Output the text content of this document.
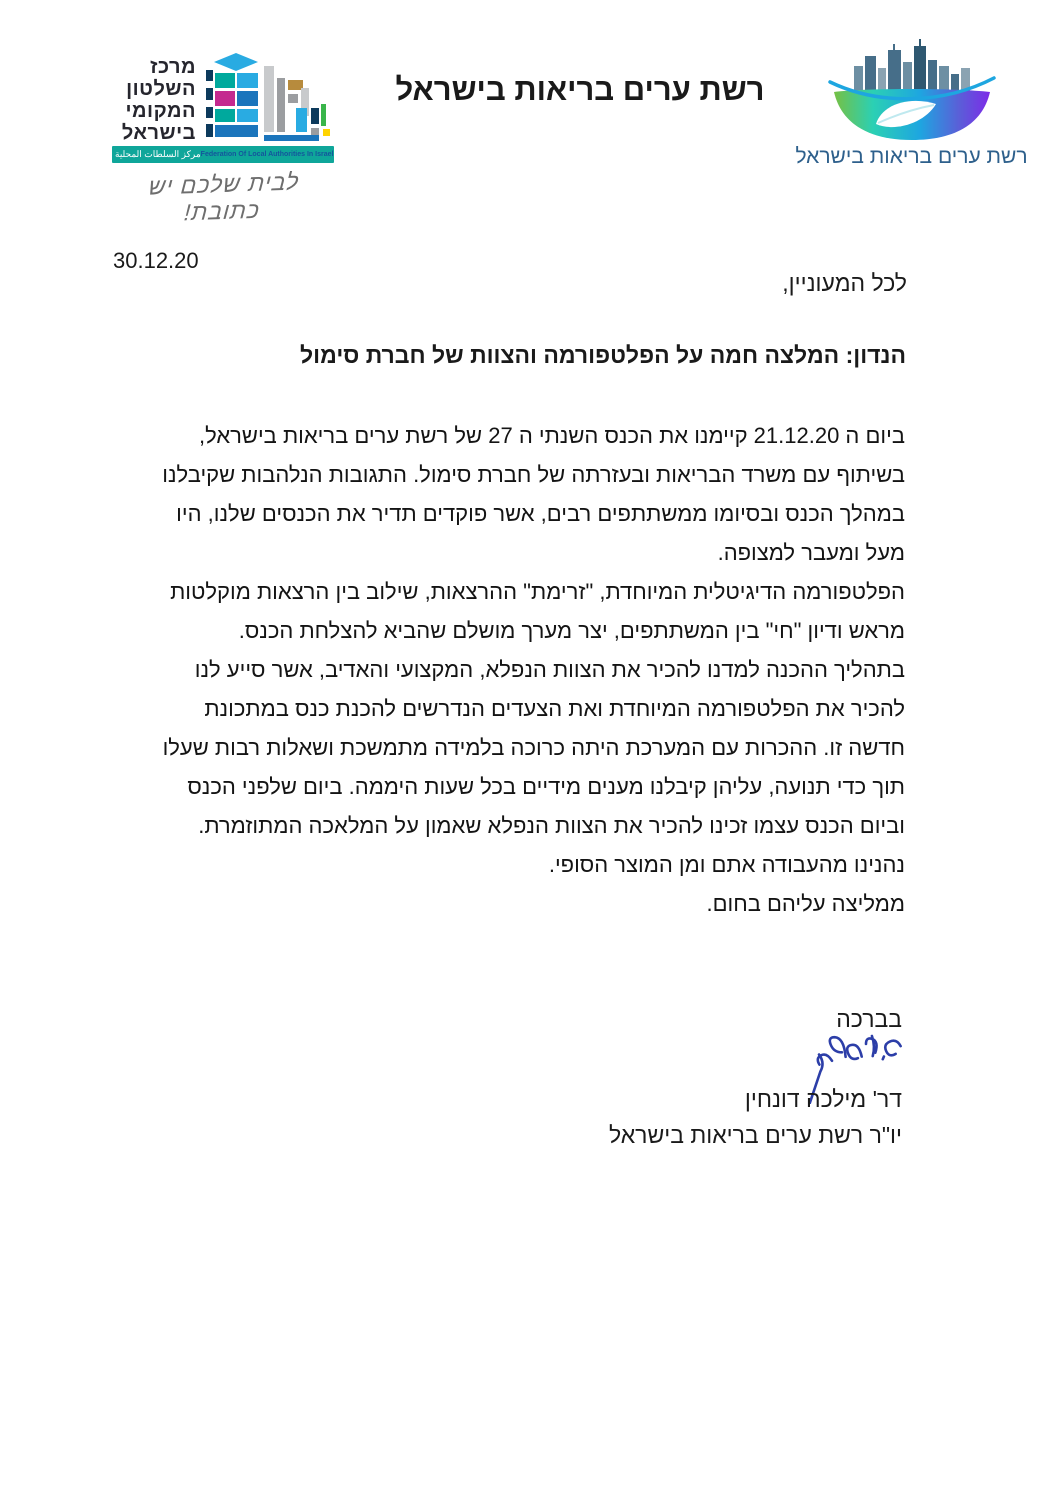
רשת ערים בריאות בישראל
מרכז
השלטון
המקומי
בישראל
مركز السلطات المحلية Federation Of Local Authorities In Israel
לבית שלכם יש כתובת!
רשת ערים בריאות בישראל
30.12.20
לכל המעוניין,
הנדון: המלצה חמה על הפלטפורמה והצוות של חברת סימול
ביום ה 21.12.20 קיימנו את הכנס השנתי ה 27 של רשת ערים בריאות בישראל,
בשיתוף עם משרד הבריאות ובעזרתה של חברת סימול. התגובות הנלהבות שקיבלנו
במהלך הכנס ובסיומו ממשתתפים רבים, אשר פוקדים תדיר את הכנסים שלנו, היו
מעל ומעבר למצופה.
הפלטפורמה הדיגיטלית המיוחדת, "זרימת" ההרצאות, שילוב בין הרצאות מוקלטות
מראש ודיון "חי" בין המשתתפים, יצר מערך מושלם שהביא להצלחת הכנס.
בתהליך ההכנה למדנו להכיר את הצוות הנפלא, המקצועי והאדיב, אשר סייע לנו
להכיר את הפלטפורמה המיוחדת ואת הצעדים הנדרשים להכנת כנס במתכונת
חדשה זו. ההכרות עם המערכת היתה כרוכה בלמידה מתמשכת ושאלות רבות שעלו
תוך כדי תנועה, עליהן קיבלנו מענים מידיים בכל שעות היממה. ביום שלפני הכנס
וביום הכנס עצמו זכינו להכיר את הצוות הנפלא שאמון על המלאכה המתוזמרת.
נהנינו מהעבודה אתם ומן המוצר הסופי.
ממליצה עליהם בחום.
בברכה
דר' מילכה דונחין
יו"ר רשת ערים בריאות בישראל
